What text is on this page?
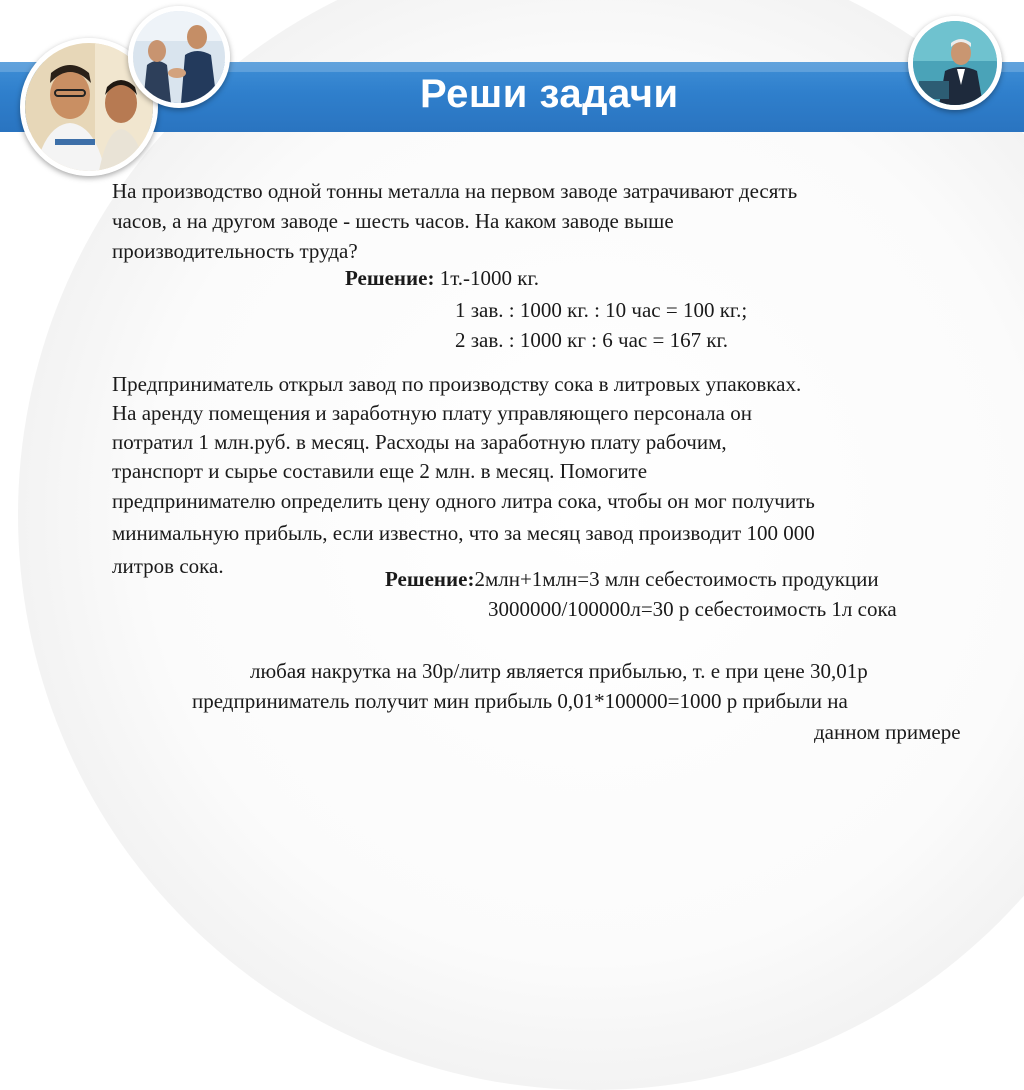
Реши задачи
На производство одной тонны металла на первом заводе затрачивают десять
часов, а на другом заводе - шесть часов. На каком заводе выше
производительность труда?
Решение: 1т.-1000 кг.
1 зав. : 1000 кг. : 10 час = 100 кг.;
2 зав. : 1000 кг : 6 час = 167 кг.
Предприниматель открыл завод по производству сока в литровых упаковках.
На аренду помещения и заработную плату управляющего персонала он
потратил 1 млн.руб. в месяц. Расходы на заработную плату рабочим,
транспорт и сырье составили еще 2 млн. в месяц. Помогите
предпринимателю определить цену одного литра сока, чтобы он мог получить
минимальную прибыль, если известно, что за месяц завод производит 100 000
литров сока.
Решение:2млн+1млн=3 млн себестоимость продукции
3000000/100000л=30 р себестоимость 1л сока
любая накрутка на 30р/литр является прибылью, т. е при цене 30,01р
предприниматель получит мин прибыль 0,01*100000=1000 р прибыли на
данном примере
